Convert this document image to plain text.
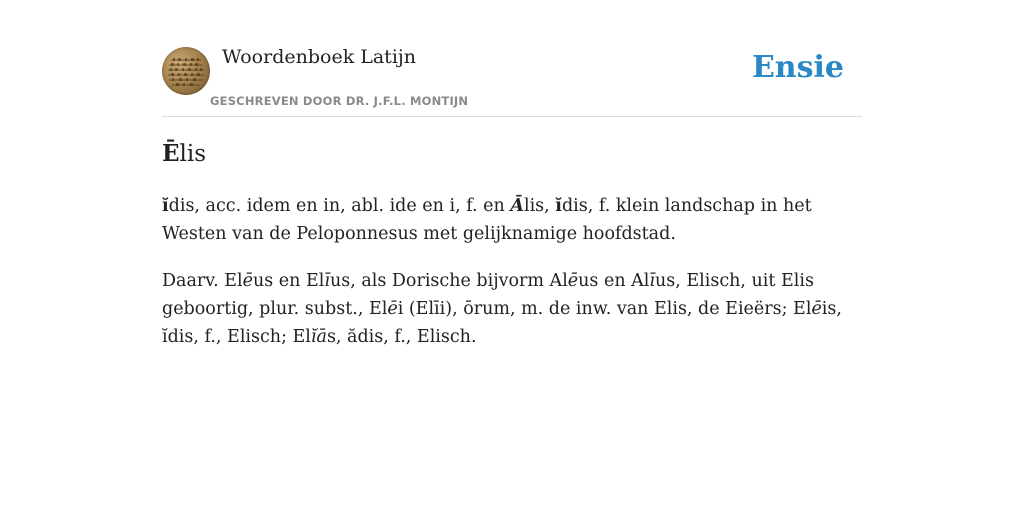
Woordenboek Latijn
GESCHREVEN DOOR DR. J.F.L. MONTIJN
Ensie
Ēlis

ĭdis, acc. idem en in, abl. ide en i, f. en Ālis, ĭdis, f. klein landschap in het Westen van de Peloponnesus met gelijknamige hoofdstad.

Daarv. Elēus en Elīus, als Dorische bijvorm Alēus en Alīus, Elisch, uit Elis geboortig, plur. subst., Elēi (Elīi), ōrum, m. de inw. van Elis, de Eieërs; Elēis, ĭdis, f., Elisch; Elĭās, ădis, f., Elisch.
